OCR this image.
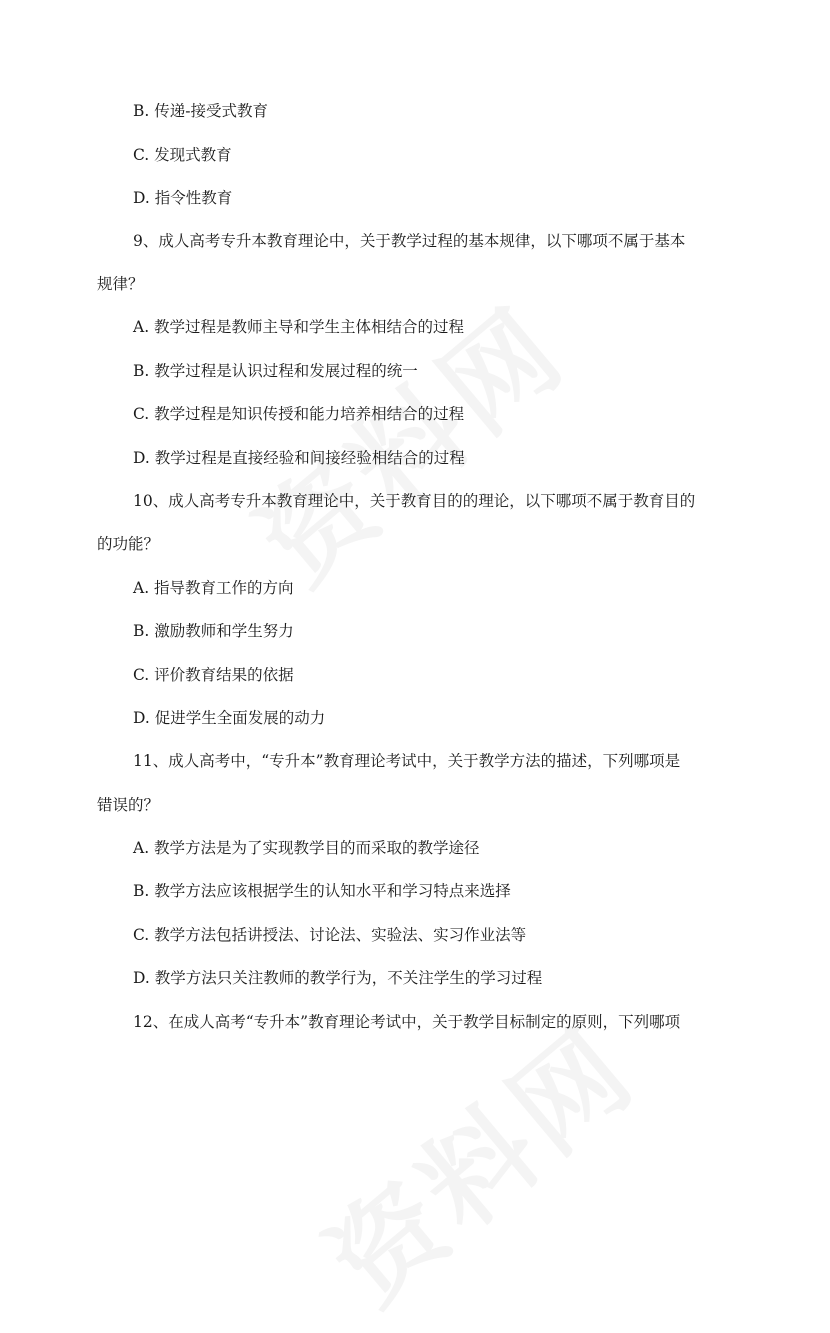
B. 传递-接受式教育
C. 发现式教育
D. 指令性教育
9、成人高考专升本教育理论中，关于教学过程的基本规律，以下哪项不属于基本
规律？
A. 教学过程是教师主导和学生主体相结合的过程
B. 教学过程是认识过程和发展过程的统一
C. 教学过程是知识传授和能力培养相结合的过程
D. 教学过程是直接经验和间接经验相结合的过程
10、成人高考专升本教育理论中，关于教育目的的理论，以下哪项不属于教育目的
的功能？
A. 指导教育工作的方向
B. 激励教师和学生努力
C. 评价教育结果的依据
D. 促进学生全面发展的动力
11、成人高考中，“专升本”教育理论考试中，关于教学方法的描述，下列哪项是
错误的？
A. 教学方法是为了实现教学目的而采取的教学途径
B. 教学方法应该根据学生的认知水平和学习特点来选择
C. 教学方法包括讲授法、讨论法、实验法、实习作业法等
D. 教学方法只关注教师的教学行为，不关注学生的学习过程
12、在成人高考“专升本”教育理论考试中，关于教学目标制定的原则，下列哪项
